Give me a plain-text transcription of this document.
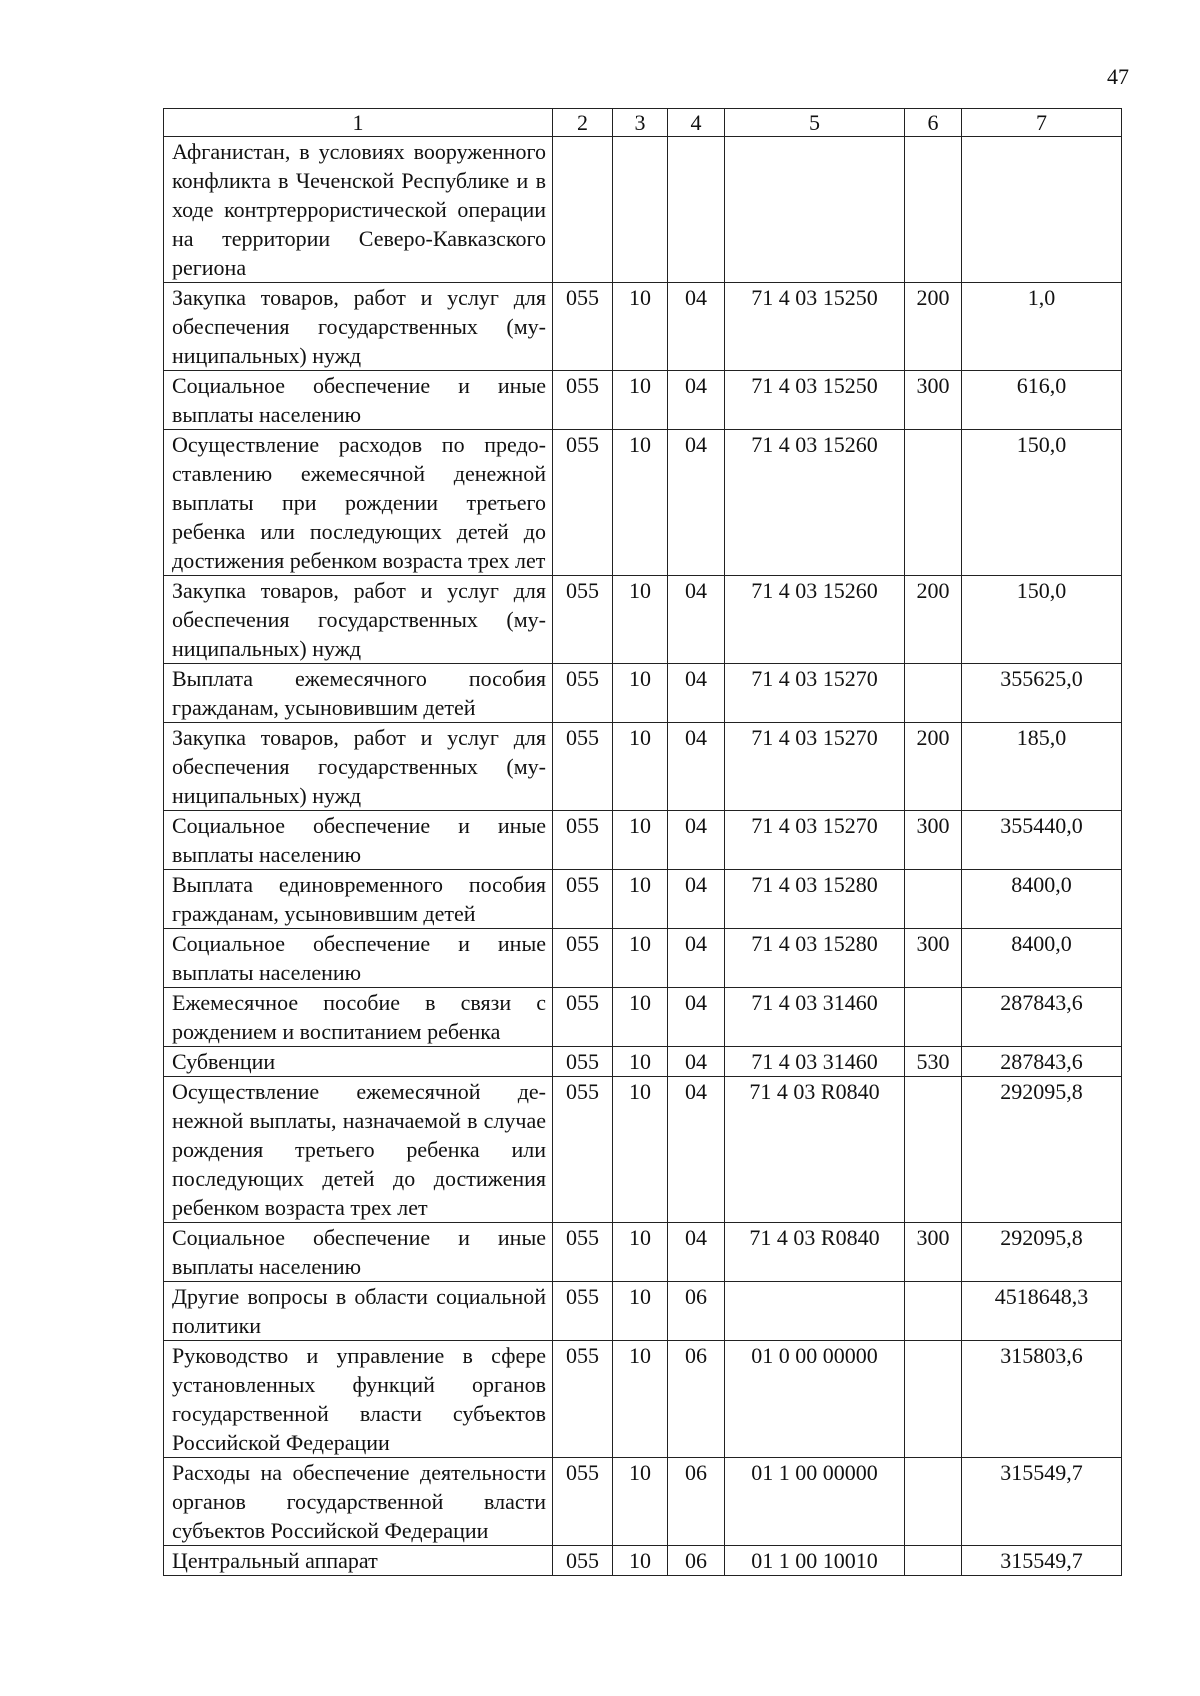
47
1	2	3	4	5	6	7
Афганистан, в условиях вооруженного конфликта в Чеченской Республике и в ходе контртеррористической операции на территории Северо-Кавказского региона						
Закупка товаров, работ и услуг для обеспечения государственных (муниципальных) нужд	055	10	04	71 4 03 15250	200	1,0
Социальное обеспечение и иные выплаты населению	055	10	04	71 4 03 15250	300	616,0
Осуществление расходов по предоставлению ежемесячной денежной выплаты при рождении третьего ребенка или последующих детей до достижения ребенком возраста трех лет	055	10	04	71 4 03 15260		150,0
Закупка товаров, работ и услуг для обеспечения государственных (муниципальных) нужд	055	10	04	71 4 03 15260	200	150,0
Выплата ежемесячного пособия гражданам, усыновившим детей	055	10	04	71 4 03 15270		355625,0
Закупка товаров, работ и услуг для обеспечения государственных (муниципальных) нужд	055	10	04	71 4 03 15270	200	185,0
Социальное обеспечение и иные выплаты населению	055	10	04	71 4 03 15270	300	355440,0
Выплата единовременного пособия гражданам, усыновившим детей	055	10	04	71 4 03 15280		8400,0
Социальное обеспечение и иные выплаты населению	055	10	04	71 4 03 15280	300	8400,0
Ежемесячное пособие в связи с рождением и воспитанием ребенка	055	10	04	71 4 03 31460		287843,6
Субвенции	055	10	04	71 4 03 31460	530	287843,6
Осуществление ежемесячной денежной выплаты, назначаемой в случае рождения третьего ребенка или последующих детей до достижения ребенком возраста трех лет	055	10	04	71 4 03 R0840		292095,8
Социальное обеспечение и иные выплаты населению	055	10	04	71 4 03 R0840	300	292095,8
Другие вопросы в области социальной политики	055	10	06			4518648,3
Руководство и управление в сфере установленных функций органов государственной власти субъектов Российской Федерации	055	10	06	01 0 00 00000		315803,6
Расходы на обеспечение деятельности органов государственной власти субъектов Российской Федерации	055	10	06	01 1 00 00000		315549,7
Центральный аппарат	055	10	06	01 1 00 10010		315549,7
